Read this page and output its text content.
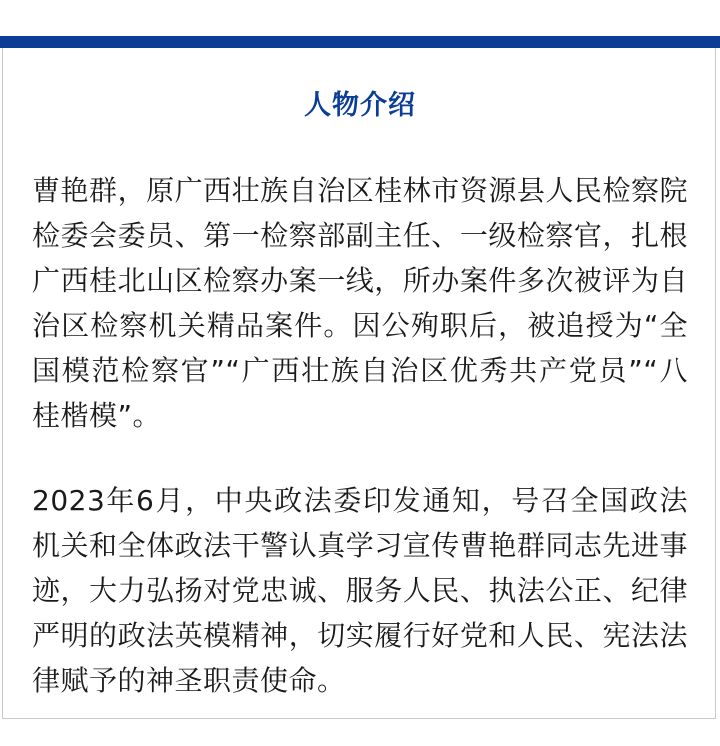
人物介绍

曹艳群，原广西壮族自治区桂林市资源县人民检察院检委会委员、第一检察部副主任、一级检察官，扎根广西桂北山区检察办案一线，所办案件多次被评为自治区检察机关精品案件。因公殉职后，被追授为“全国模范检察官”“广西壮族自治区优秀共产党员”“八桂楷模”。

2023年6月，中央政法委印发通知，号召全国政法机关和全体政法干警认真学习宣传曹艳群同志先进事迹，大力弘扬对党忠诚、服务人民、执法公正、纪律严明的政法英模精神，切实履行好党和人民、宪法法律赋予的神圣职责使命。
